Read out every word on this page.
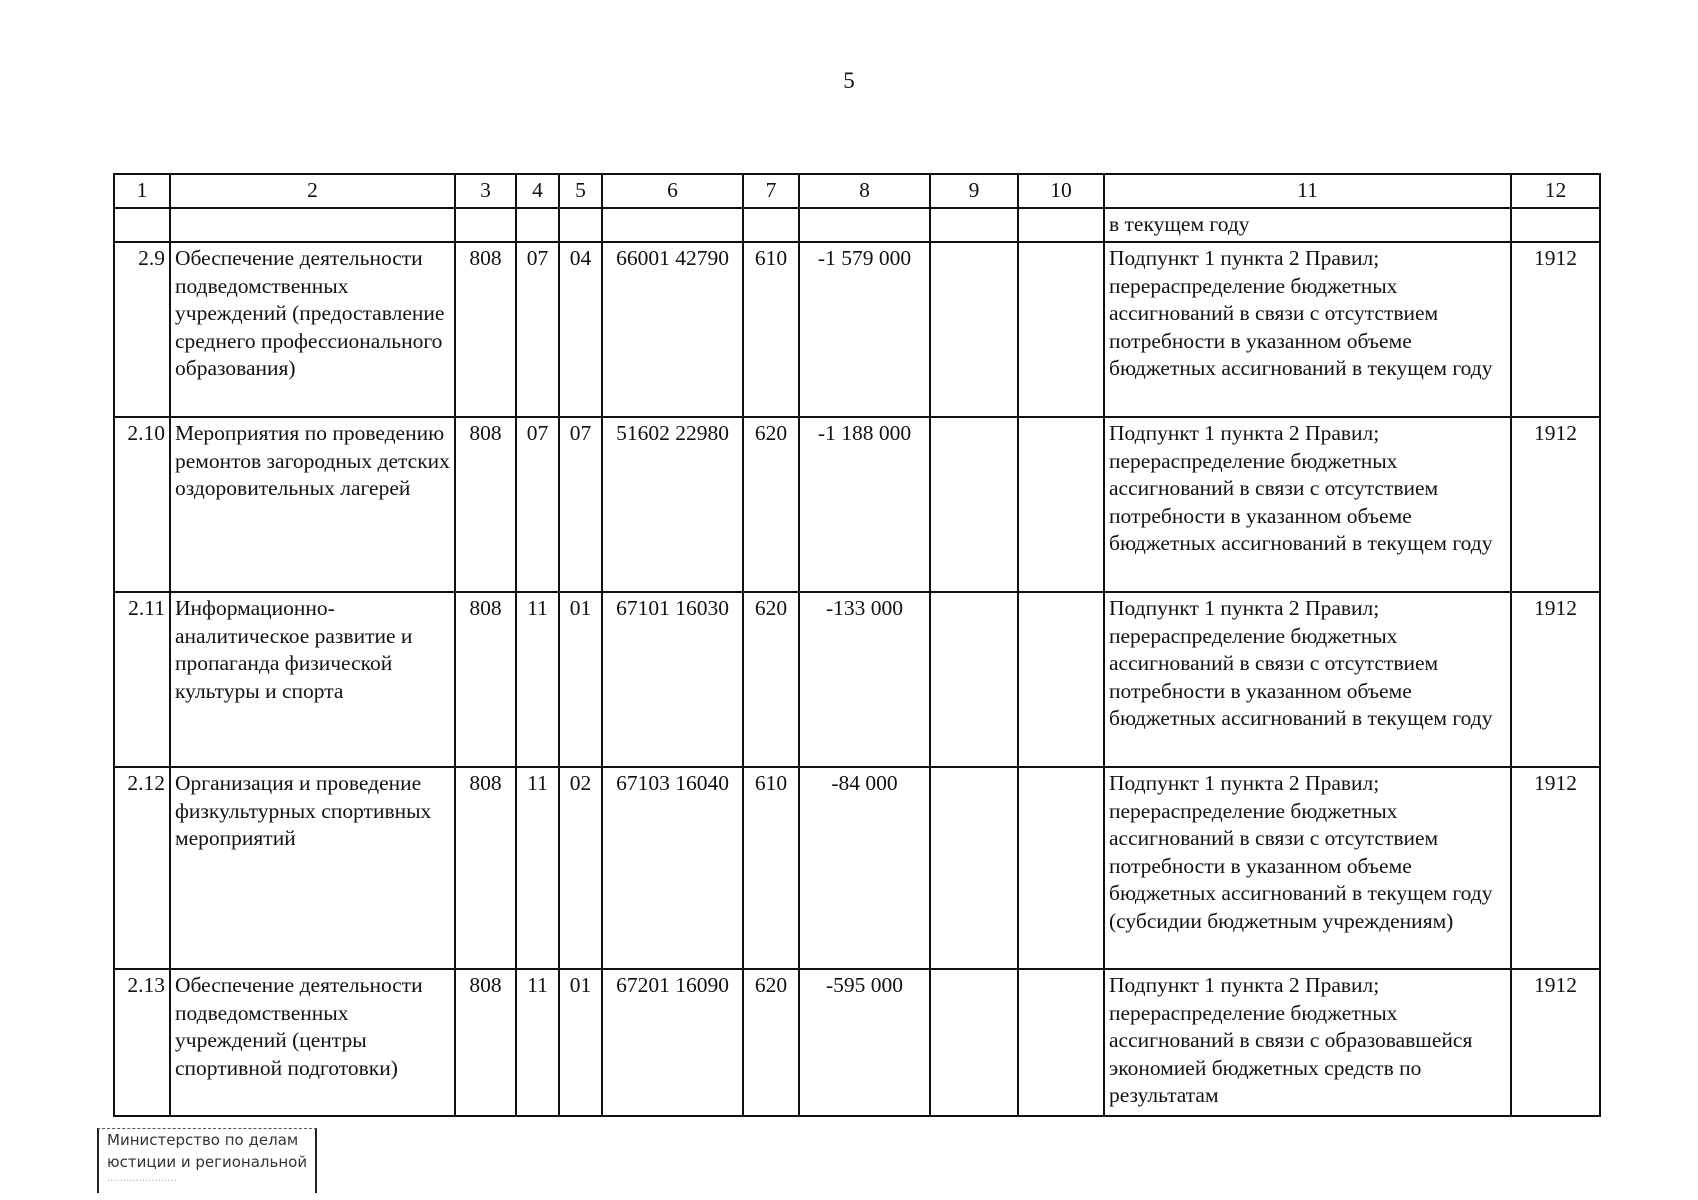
5
1	2	3	4	5	6	7	8	9	10	11	12
										в текущем году	
2.9	Обеспечение деятельности подведомственных учреждений (предоставление среднего профессионального образования)	808	07	04	66001 42790	610	-1 579 000			Подпункт 1 пункта 2 Правил; перераспределение бюджетных ассигнований в связи с отсутствием потребности в указанном объеме бюджетных ассигнований в текущем году	1912
2.10	Мероприятия по проведению ремонтов загородных детских оздоровительных лагерей	808	07	07	51602 22980	620	-1 188 000			Подпункт 1 пункта 2 Правил; перераспределение бюджетных ассигнований в связи с отсутствием потребности в указанном объеме бюджетных ассигнований в текущем году	1912
2.11	Информационно-аналитическое развитие и пропаганда физической культуры и спорта	808	11	01	67101 16030	620	-133 000			Подпункт 1 пункта 2 Правил; перераспределение бюджетных ассигнований в связи с отсутствием потребности в указанном объеме бюджетных ассигнований в текущем году	1912
2.12	Организация и проведение физкультурных спортивных мероприятий	808	11	02	67103 16040	610	-84 000			Подпункт 1 пункта 2 Правил; перераспределение бюджетных ассигнований в связи с отсутствием потребности в указанном объеме бюджетных ассигнований в текущем году (субсидии бюджетным учреждениям)	1912
2.13	Обеспечение деятельности подведомственных учреждений (центры спортивной подготовки)	808	11	01	67201 16090	620	-595 000			Подпункт 1 пункта 2 Правил; перераспределение бюджетных ассигнований в связи с образовавшейся экономией бюджетных средств по результатам	1912
Министерство по делам
юстиции и региональной
......................
